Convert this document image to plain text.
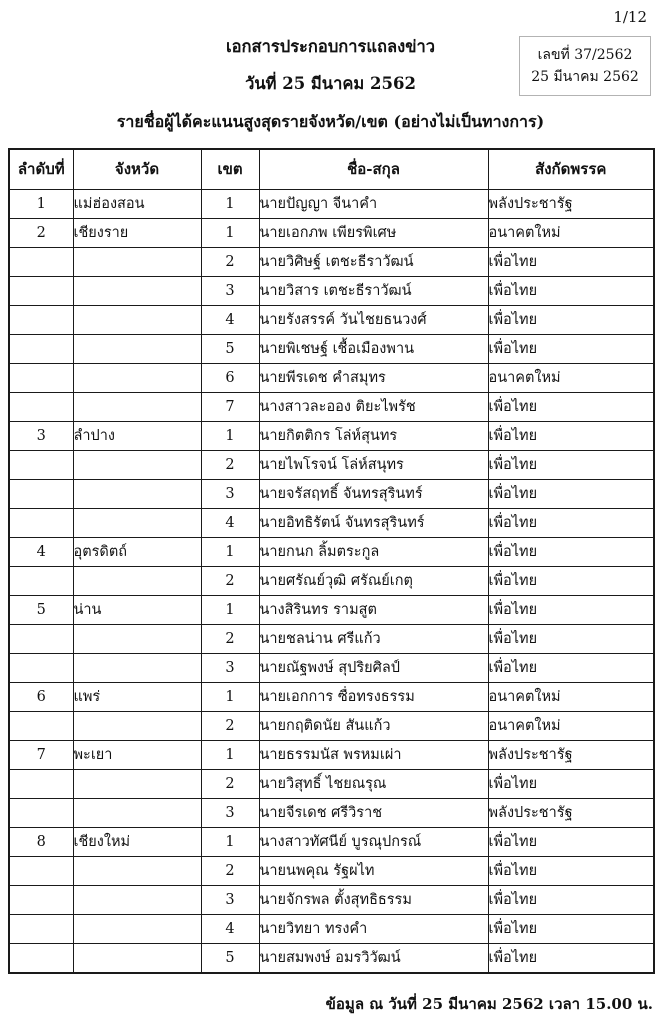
1/12
เอกสารประกอบการแถลงข่าว
วันที่ 25 มีนาคม 2562
รายชื่อผู้ได้คะแนนสูงสุดรายจังหวัด/เขต (อย่างไม่เป็นทางการ)
เลขที่ 37/2562
25 มีนาคม 2562
ลำดับที่	จังหวัด	เขต	ชื่อ-สกุล	สังกัดพรรค
1	แม่ฮ่องสอน	1	นายปัญญา จีนาคำ	พลังประชารัฐ
2	เชียงราย	1	นายเอกภพ เพียรพิเศษ	อนาคตใหม่
		2	นายวิศิษฐ์ เตชะธีราวัฒน์	เพื่อไทย
		3	นายวิสาร เตชะธีราวัฒน์	เพื่อไทย
		4	นายรังสรรค์ วันไชยธนวงศ์	เพื่อไทย
		5	นายพิเชษฐ์ เชื้อเมืองพาน	เพื่อไทย
		6	นายพีรเดช คำสมุทร	อนาคตใหม่
		7	นางสาวละออง ติยะไพรัช	เพื่อไทย
3	ลำปาง	1	นายกิตติกร โล่ห์สุนทร	เพื่อไทย
		2	นายไพโรจน์ โล่ห์สนุทร	เพื่อไทย
		3	นายจรัสฤทธิ์ จันทรสุรินทร์	เพื่อไทย
		4	นายอิทธิรัตน์ จันทรสุรินทร์	เพื่อไทย
4	อุตรดิตถ์	1	นายกนก ลิ้มตระกูล	เพื่อไทย
		2	นายศรัณย์วุฒิ ศรัณย์เกตุ	เพื่อไทย
5	น่าน	1	นางสิรินทร รามสูต	เพื่อไทย
		2	นายชลน่าน ศรีแก้ว	เพื่อไทย
		3	นายณัฐพงษ์ สุปริยศิลป์	เพื่อไทย
6	แพร่	1	นายเอกการ ซื่อทรงธรรม	อนาคตใหม่
		2	นายกฤติดนัย สันแก้ว	อนาคตใหม่
7	พะเยา	1	นายธรรมนัส พรหมเผ่า	พลังประชารัฐ
		2	นายวิสุทธิ์ ไชยณรุณ	เพื่อไทย
		3	นายจีรเดช ศรีวิราช	พลังประชารัฐ
8	เชียงใหม่	1	นางสาวทัศนีย์ บูรณุปกรณ์	เพื่อไทย
		2	นายนพคุณ รัฐผไท	เพื่อไทย
		3	นายจักรพล ตั้งสุทธิธรรม	เพื่อไทย
		4	นายวิทยา ทรงคำ	เพื่อไทย
		5	นายสมพงษ์ อมรวิวัฒน์	เพื่อไทย
ข้อมูล ณ วันที่ 25 มีนาคม 2562 เวลา 15.00 น.
